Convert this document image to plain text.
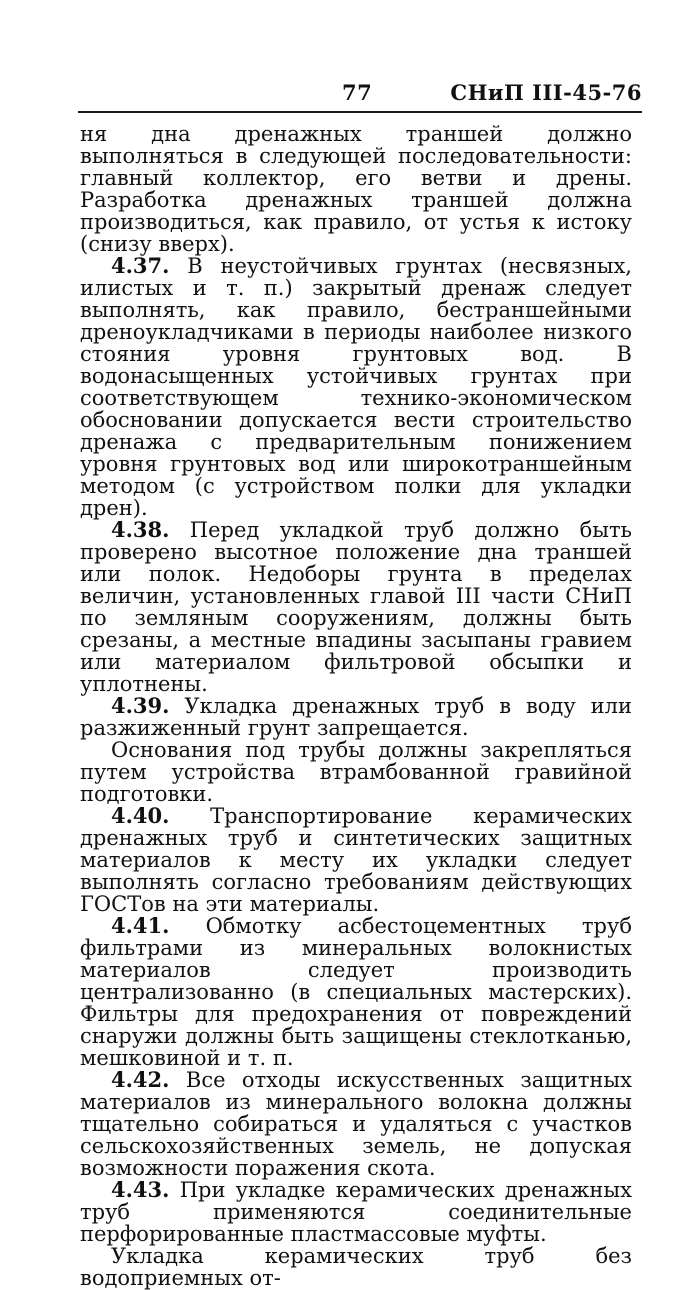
77	СНиП III-45-76

ня дна дренажных траншей должно выполняться в следующей последовательности: главный коллектор, его ветви и дрены. Разработка дренажных траншей должна производиться, как правило, от устья к истоку (снизу вверх).

4.37. В неустойчивых грунтах (несвязных, илистых и т. п.) закрытый дренаж следует выполнять, как правило, бестраншейными дреноукладчиками в периоды наиболее низкого стояния уровня грунтовых вод. В водонасыщенных устойчивых грунтах при соответствующем технико-экономическом обосновании допускается вести строительство дренажа с предварительным понижением уровня грунтовых вод или широкотраншейным методом (с устройством полки для укладки дрен).

4.38. Перед укладкой труб должно быть проверено высотное положение дна траншей или полок. Недоборы грунта в пределах величин, установленных главой III части СНиП по земляным сооружениям, должны быть срезаны, а местные впадины засыпаны гравием или материалом фильтровой обсыпки и уплотнены.

4.39. Укладка дренажных труб в воду или разжиженный грунт запрещается.

Основания под трубы должны закрепляться путем устройства втрамбованной гравийной подготовки.

4.40. Транспортирование керамических дренажных труб и синтетических защитных материалов к месту их укладки следует выполнять согласно требованиям действующих ГОСТов на эти материалы.

4.41. Обмотку асбестоцементных труб фильтрами из минеральных волокнистых материалов следует производить централизованно (в специальных мастерских). Фильтры для предохранения от повреждений снаружи должны быть защищены стеклотканью, мешковиной и т. п.

4.42. Все отходы искусственных защитных материалов из минерального волокна должны тщательно собираться и удаляться с участков сельскохозяйственных земель, не допуская возможности поражения скота.

4.43. При укладке керамических дренажных труб применяются соединительные перфорированные пластмассовые муфты.

Укладка керамических труб без водоприемных от-
